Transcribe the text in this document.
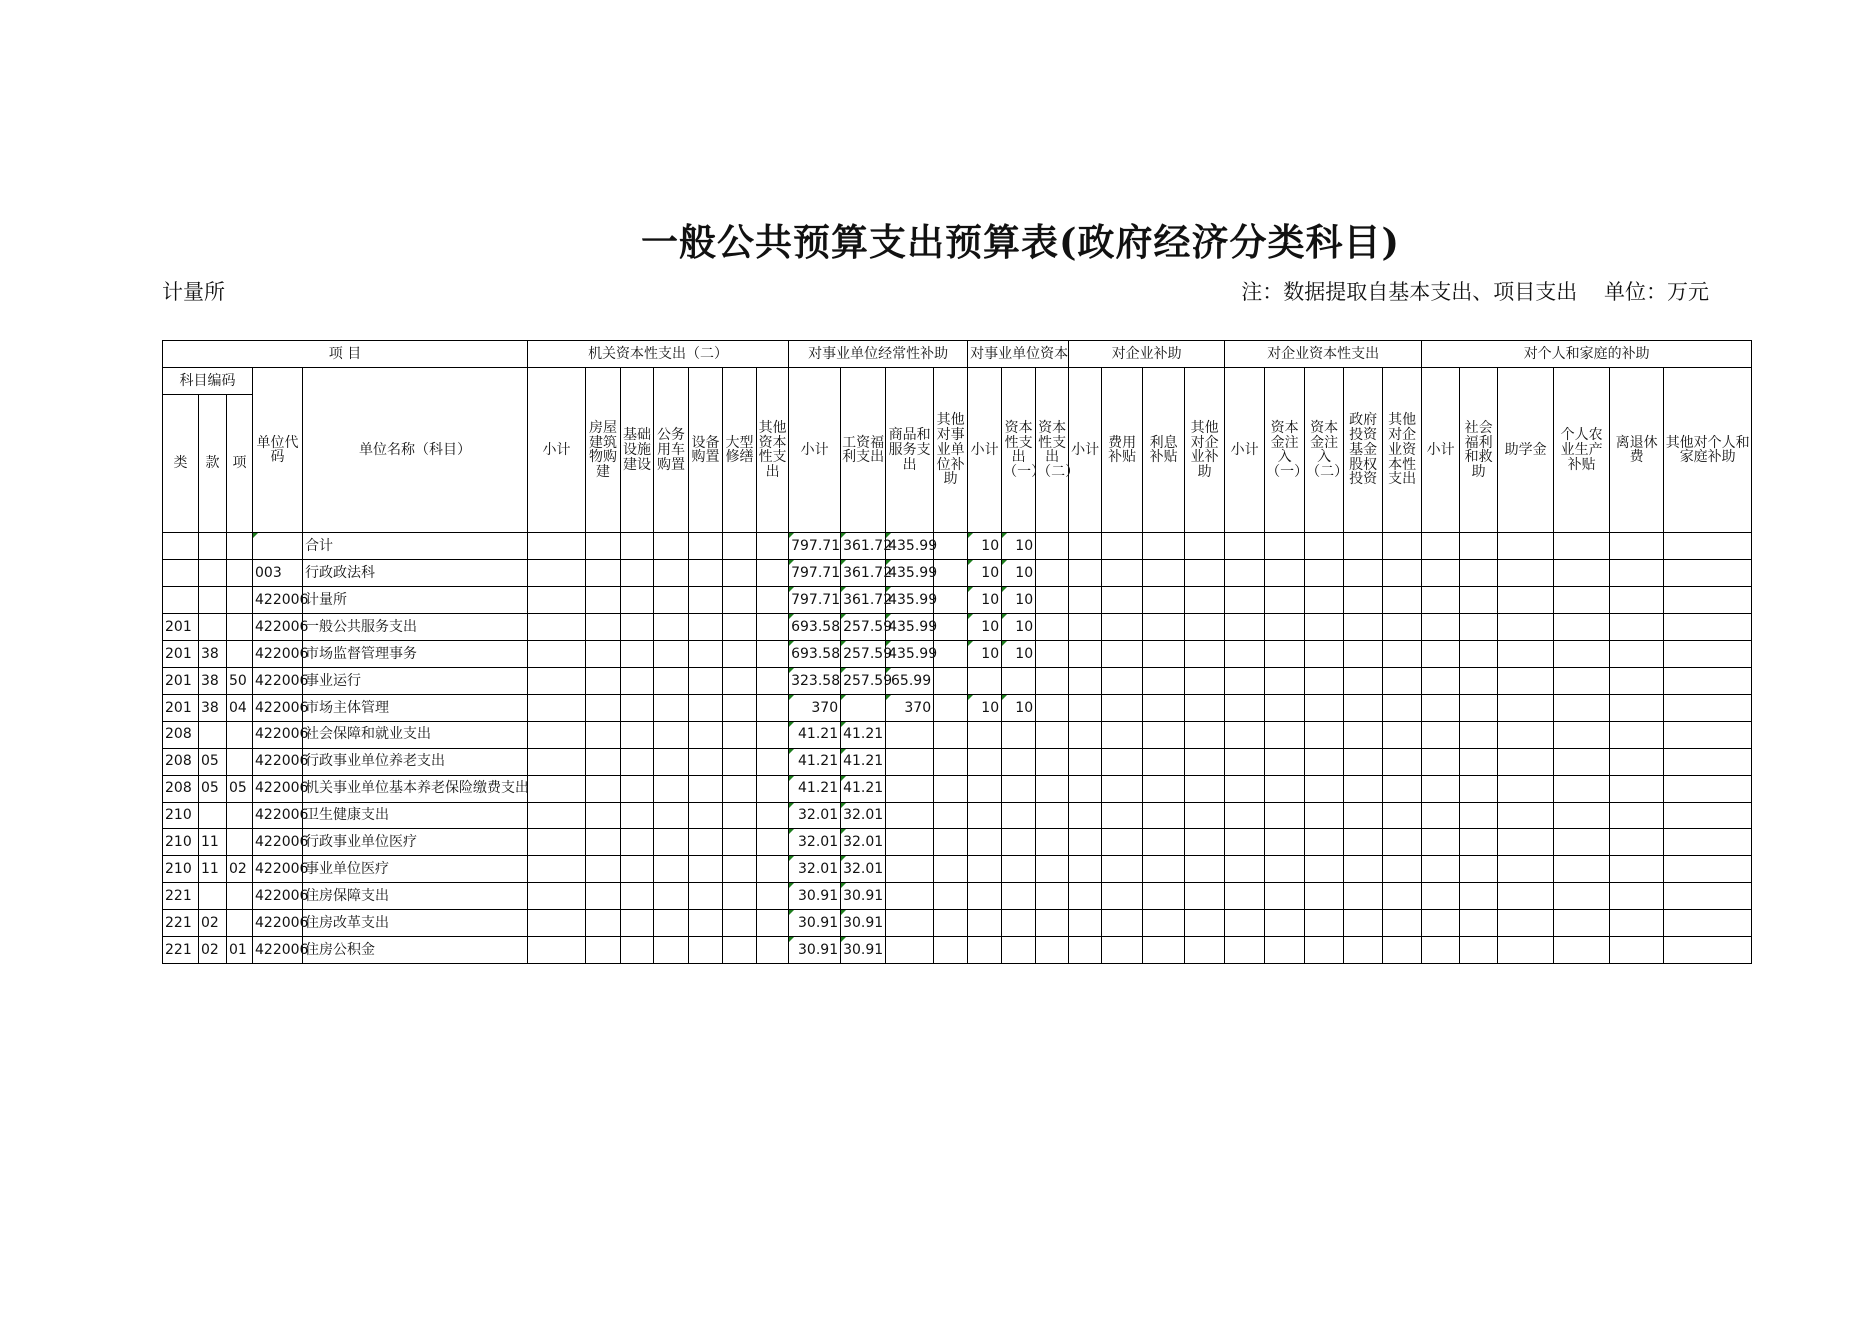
一般公共预算支出预算表(政府经济分类科目)
计量所	注：数据提取自基本支出、项目支出    单位：万元
项 目					机关资本性支出（二）							对事业单位经常性补助				对事业单位资本			对企业补助				对企业资本性支出					对个人和家庭的补助					
科目编码			单位代码	单位名称（科目）	小计	房屋建筑物购建	基础设施建设	公务用车购置	设备购置	大型修缮	其他资本性支出	小计	工资福利支出	商品和服务支出	其他对事业单位补助	小计	资本性支出（一）	资本性支出（二）	小计	费用补贴	利息补贴	其他对企业补助	小计	资本金注入（一）	资本金注入（二）	政府投资基金股权投资	其他对企业资本性支出	小计	社会福利和救助	助学金	个人农业生产补贴	离退休费	其他对个人和家庭补助
类	款	项																															
				合计								797.71	361.72	435.99		10	10																
			003	行政政法科								797.71	361.72	435.99		10	10																
			422006	计量所								797.71	361.72	435.99		10	10																
201			422006	一般公共服务支出								693.58	257.59	435.99		10	10																
201	38		422006	市场监督管理事务								693.58	257.59	435.99		10	10																
201	38	50	422006	事业运行								323.58	257.59	65.99																			
201	38	04	422006	市场主体管理								370		370		10	10																
208			422006	社会保障和就业支出								41.21	41.21																				
208	05		422006	行政事业单位养老支出								41.21	41.21																				
208	05	05	422006	机关事业单位基本养老保险缴费支出								41.21	41.21																				
210			422006	卫生健康支出								32.01	32.01																				
210	11		422006	行政事业单位医疗								32.01	32.01																				
210	11	02	422006	事业单位医疗								32.01	32.01																				
221			422006	住房保障支出								30.91	30.91																				
221	02		422006	住房改革支出								30.91	30.91																				
221	02	01	422006	住房公积金								30.91	30.91																				
